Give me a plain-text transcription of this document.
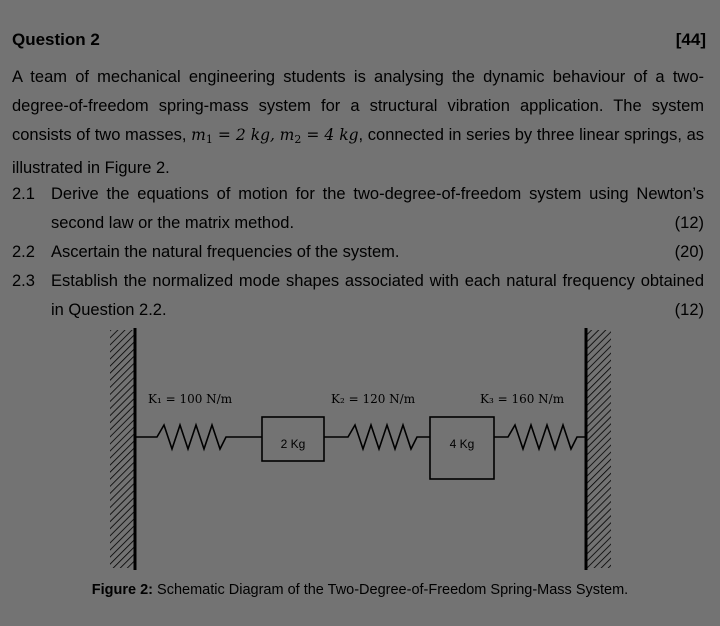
Question 2	[44]
A team of mechanical engineering students is analysing the dynamic behaviour of a two-degree-of-freedom spring-mass system for a structural vibration application. The system consists of two masses, $m_1 = 2$ kg, $m_2 = 4$ kg, connected in series by three linear springs, as illustrated in Figure 2.
2.1 Derive the equations of motion for the two-degree-of-freedom system using Newton’s second law or the matrix method.	(12)
2.2 Ascertain the natural frequencies of the system.	(20)
2.3 Establish the normalized mode shapes associated with each natural frequency obtained in Question 2.2.	(12)
K₁ = 100 N/m	K₂ = 120 N/m	K₃ = 160 N/m
2 Kg	4 Kg
Figure 2: Schematic Diagram of the Two-Degree-of-Freedom Spring-Mass System.
